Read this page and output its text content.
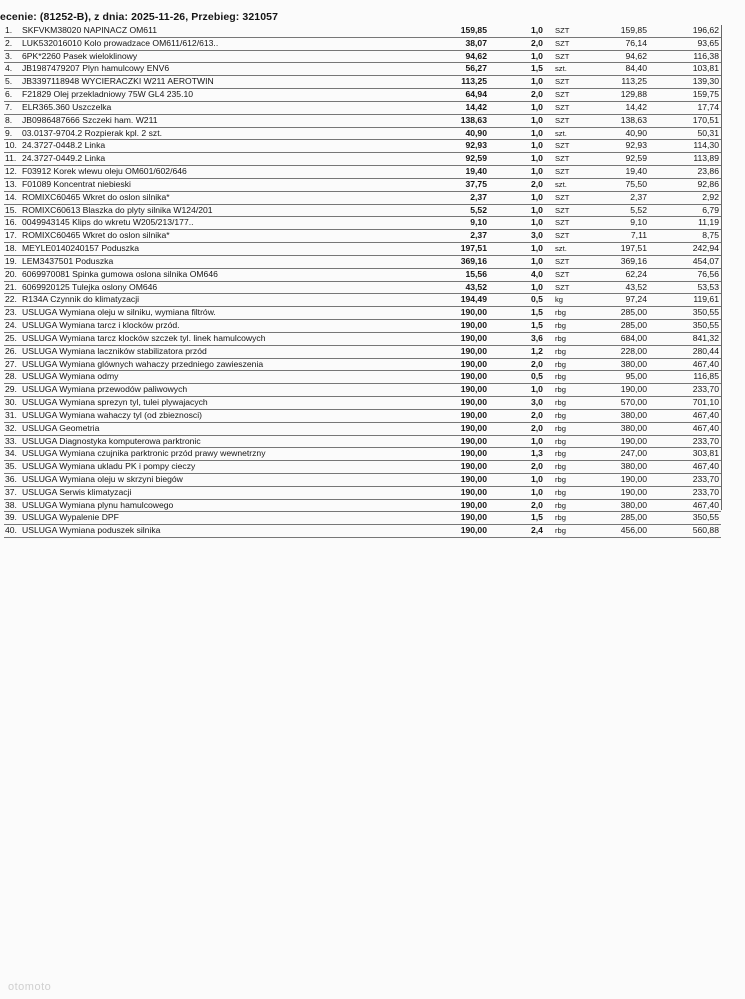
ecenie: (81252-B), z dnia: 2025-11-26, Przebieg: 321057
1. SKFVKM38020 NAPINACZ OM611	159,85	1,0 SZT	159,85	196,62
2. LUK532016010 Kolo prowadzace OM611/612/613..	38,07	2,0 SZT	76,14	93,65
3. 6PK*2260 Pasek wieloklinowy	94,62	1,0 SZT	94,62	116,38
4. JB1987479207 Plyn hamulcowy ENV6	56,27	1,5 szt.	84,40	103,81
5. JB3397118948 WYCIERACZKI W211 AEROTWIN	113,25	1,0 SZT	113,25	139,30
6. F21829 Olej przekladniowy 75W GL4 235.10	64,94	2,0 SZT	129,88	159,75
7. ELR365.360 Uszczelka	14,42	1,0 SZT	14,42	17,74
8. JB0986487666 Szczeki ham. W211	138,63	1,0 SZT	138,63	170,51
9. 03.0137-9704.2 Rozpierak kpl. 2 szt.	40,90	1,0 szt.	40,90	50,31
10. 24.3727-0448.2 Linka	92,93	1,0 SZT	92,93	114,30
11. 24.3727-0449.2 Linka	92,59	1,0 SZT	92,59	113,89
12. F03912 Korek wlewu oleju OM601/602/646	19,40	1,0 SZT	19,40	23,86
13. F01089 Koncentrat niebieski	37,75	2,0 szt.	75,50	92,86
14. ROMIXC60465 Wkret do oslon silnika*	2,37	1,0 SZT	2,37	2,92
15. ROMIXC60613 Blaszka do plyty silnika W124/201	5,52	1,0 SZT	5,52	6,79
16. 0049943145 Klips do wkretu W205/213/177..	9,10	1,0 SZT	9,10	11,19
17. ROMIXC60465 Wkret do oslon silnika*	2,37	3,0 SZT	7,11	8,75
18. MEYLE0140240157 Poduszka	197,51	1,0 szt.	197,51	242,94
19. LEM3437501 Poduszka	369,16	1,0 SZT	369,16	454,07
20. 6069970081 Spinka gumowa oslona silnika OM646	15,56	4,0 SZT	62,24	76,56
21. 6069920125 Tulejka oslony OM646	43,52	1,0 SZT	43,52	53,53
22. R134A Czynnik do klimatyzacji	194,49	0,5 kg	97,24	119,61
23. USLUGA Wymiana oleju w silniku, wymiana filtrów.	190,00	1,5 rbg	285,00	350,55
24. USLUGA Wymiana tarcz i klocków przód.	190,00	1,5 rbg	285,00	350,55
25. USLUGA Wymiana tarcz klocków szczek tyl. linek hamulcowych	190,00	3,6 rbg	684,00	841,32
26. USLUGA Wymiana laczników stabilizatora przód	190,00	1,2 rbg	228,00	280,44
27. USLUGA Wymiana glównych wahaczy przedniego zawieszenia	190,00	2,0 rbg	380,00	467,40
28. USLUGA Wymiana odmy	190,00	0,5 rbg	95,00	116,85
29. USLUGA Wymiana przewodów paliwowych	190,00	1,0 rbg	190,00	233,70
30. USLUGA Wymiana sprezyn tyl, tulei plywajacych	190,00	3,0 rbg	570,00	701,10
31. USLUGA Wymiana wahaczy tyl (od zbieznosci)	190,00	2,0 rbg	380,00	467,40
32. USLUGA Geometria	190,00	2,0 rbg	380,00	467,40
33. USLUGA Diagnostyka komputerowa parktronic	190,00	1,0 rbg	190,00	233,70
34. USLUGA Wymiana czujnika parktronic przód prawy wewnetrzny	190,00	1,3 rbg	247,00	303,81
35. USLUGA Wymiana ukladu PK i pompy cieczy	190,00	2,0 rbg	380,00	467,40
36. USLUGA Wymiana oleju w skrzyni biegów	190,00	1,0 rbg	190,00	233,70
37. USLUGA Serwis klimatyzacji	190,00	1,0 rbg	190,00	233,70
38. USLUGA Wymiana plynu hamulcowego	190,00	2,0 rbg	380,00	467,40
39. USLUGA Wypalenie DPF	190,00	1,5 rbg	285,00	350,55
40. USLUGA Wymiana poduszek silnika	190,00	2,4 rbg	456,00	560,88
otomoto
